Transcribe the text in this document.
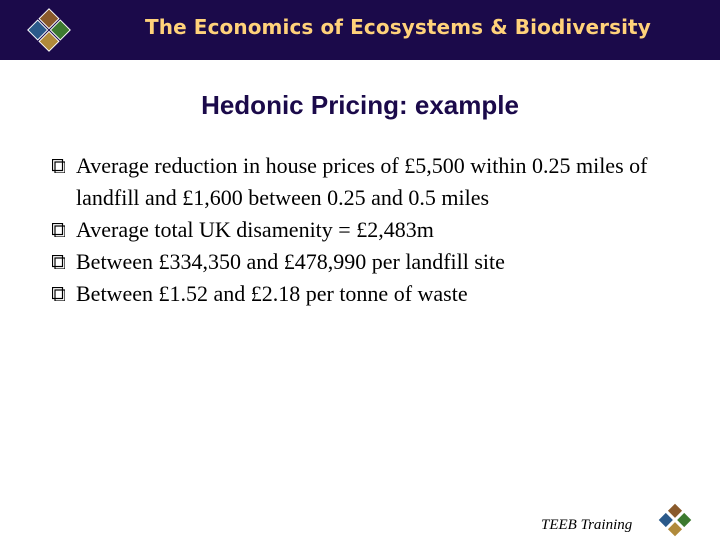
The Economics of Ecosystems & Biodiversity
Hedonic Pricing: example
Average reduction in house prices of £5,500 within 0.25 miles of landfill and £1,600 between 0.25 and 0.5 miles
Average total UK disamenity = £2,483m
Between £334,350 and £478,990 per landfill site
Between £1.52 and £2.18 per tonne of waste
TEEB Training
